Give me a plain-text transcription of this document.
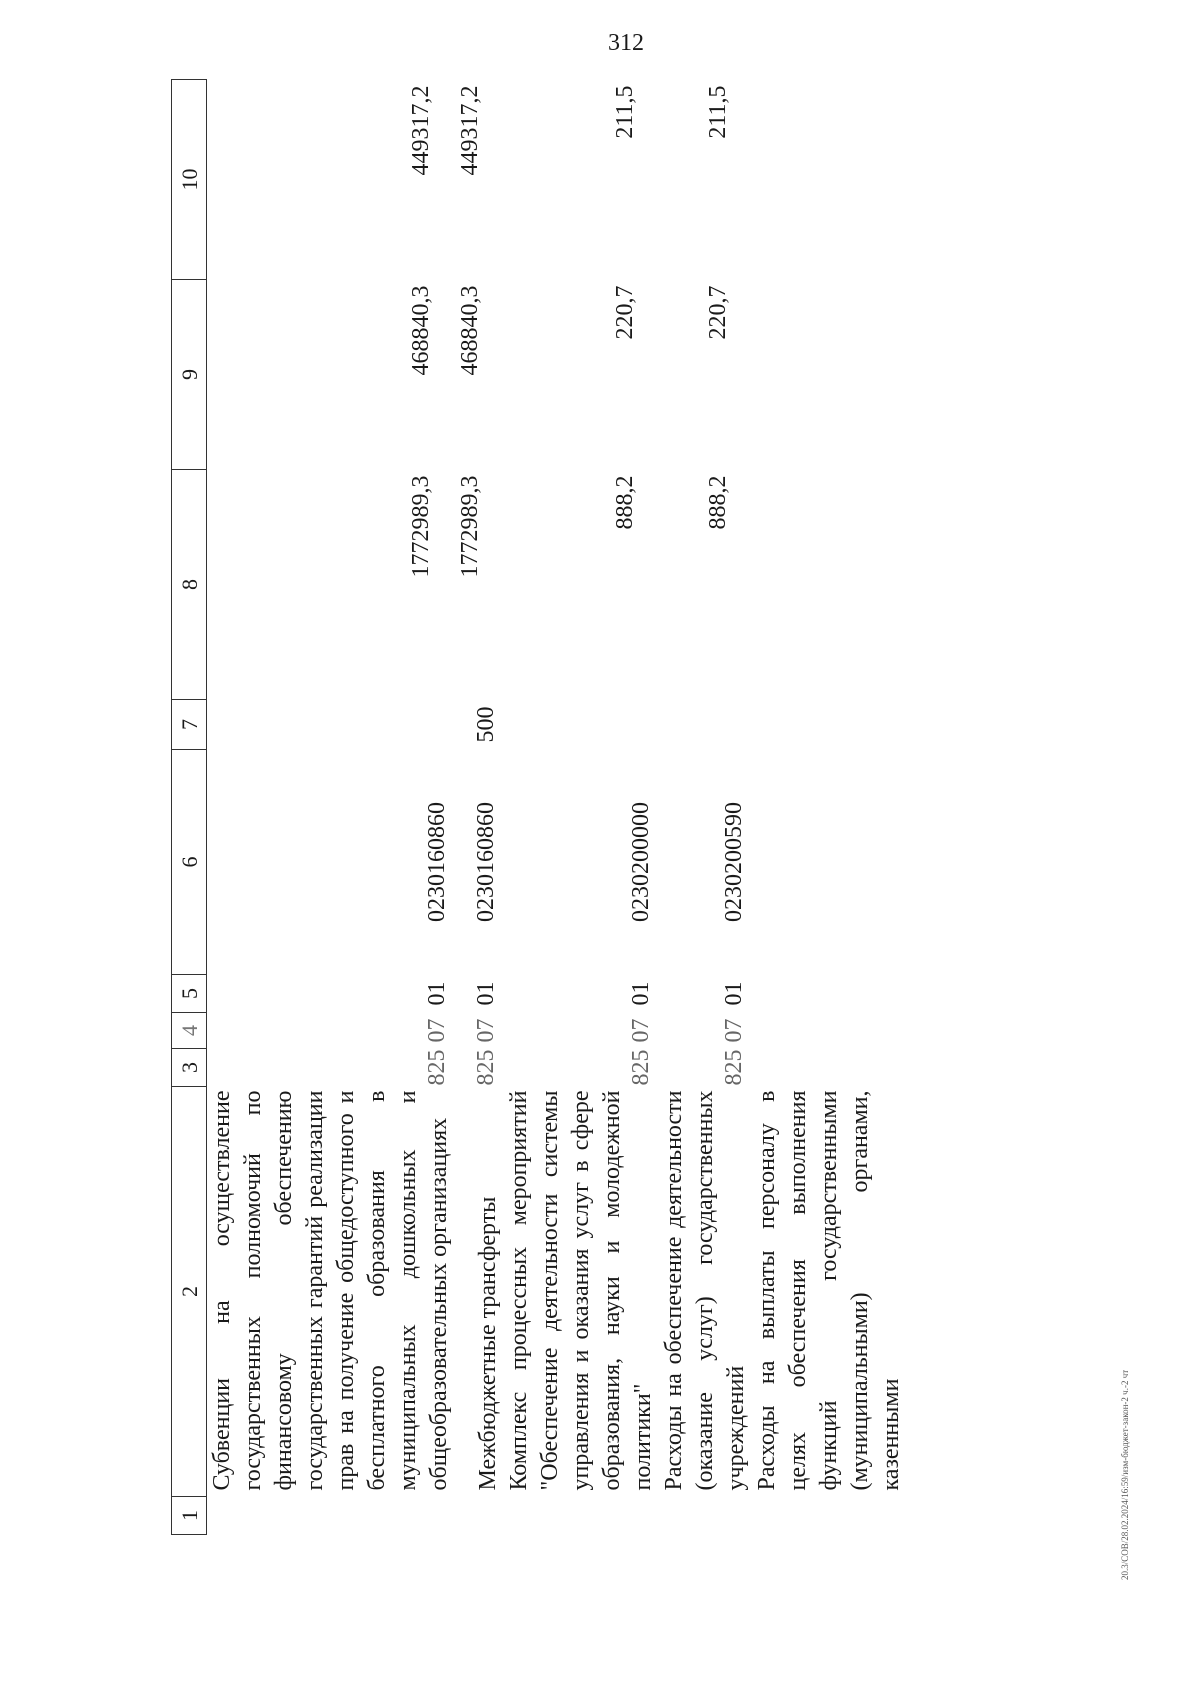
312
20.3/СОВ/28.02.2024/16:59/изм-бюджет-закон-2 ч.-2 чт
1	2	3	4	5	6	7	8	9	10
	Субвенции на осуществление государственных полномочий по финансовому обеспечению государственных гарантий реализации прав на получение общедоступного и бесплатного образования в муниципальных дошкольных и общеобразовательных организациях	825	07	01	0230160860		1772989,3	468840,3	449317,2
	Межбюджетные трансферты	825	07	01	0230160860	500	1772989,3	468840,3	449317,2
	Комплекс процессных мероприятий "Обеспечение деятельности системы управления и оказания услуг в сфере образования, науки и молодежной политики"	825	07	01	0230200000		888,2	220,7	211,5
	Расходы на обеспечение деятельности (оказание услуг) государственных учреждений	825	07	01	0230200590		888,2	220,7	211,5
	Расходы на выплаты персоналу в целях обеспечения выполнения функций государственными (муниципальными) органами, казенными								
